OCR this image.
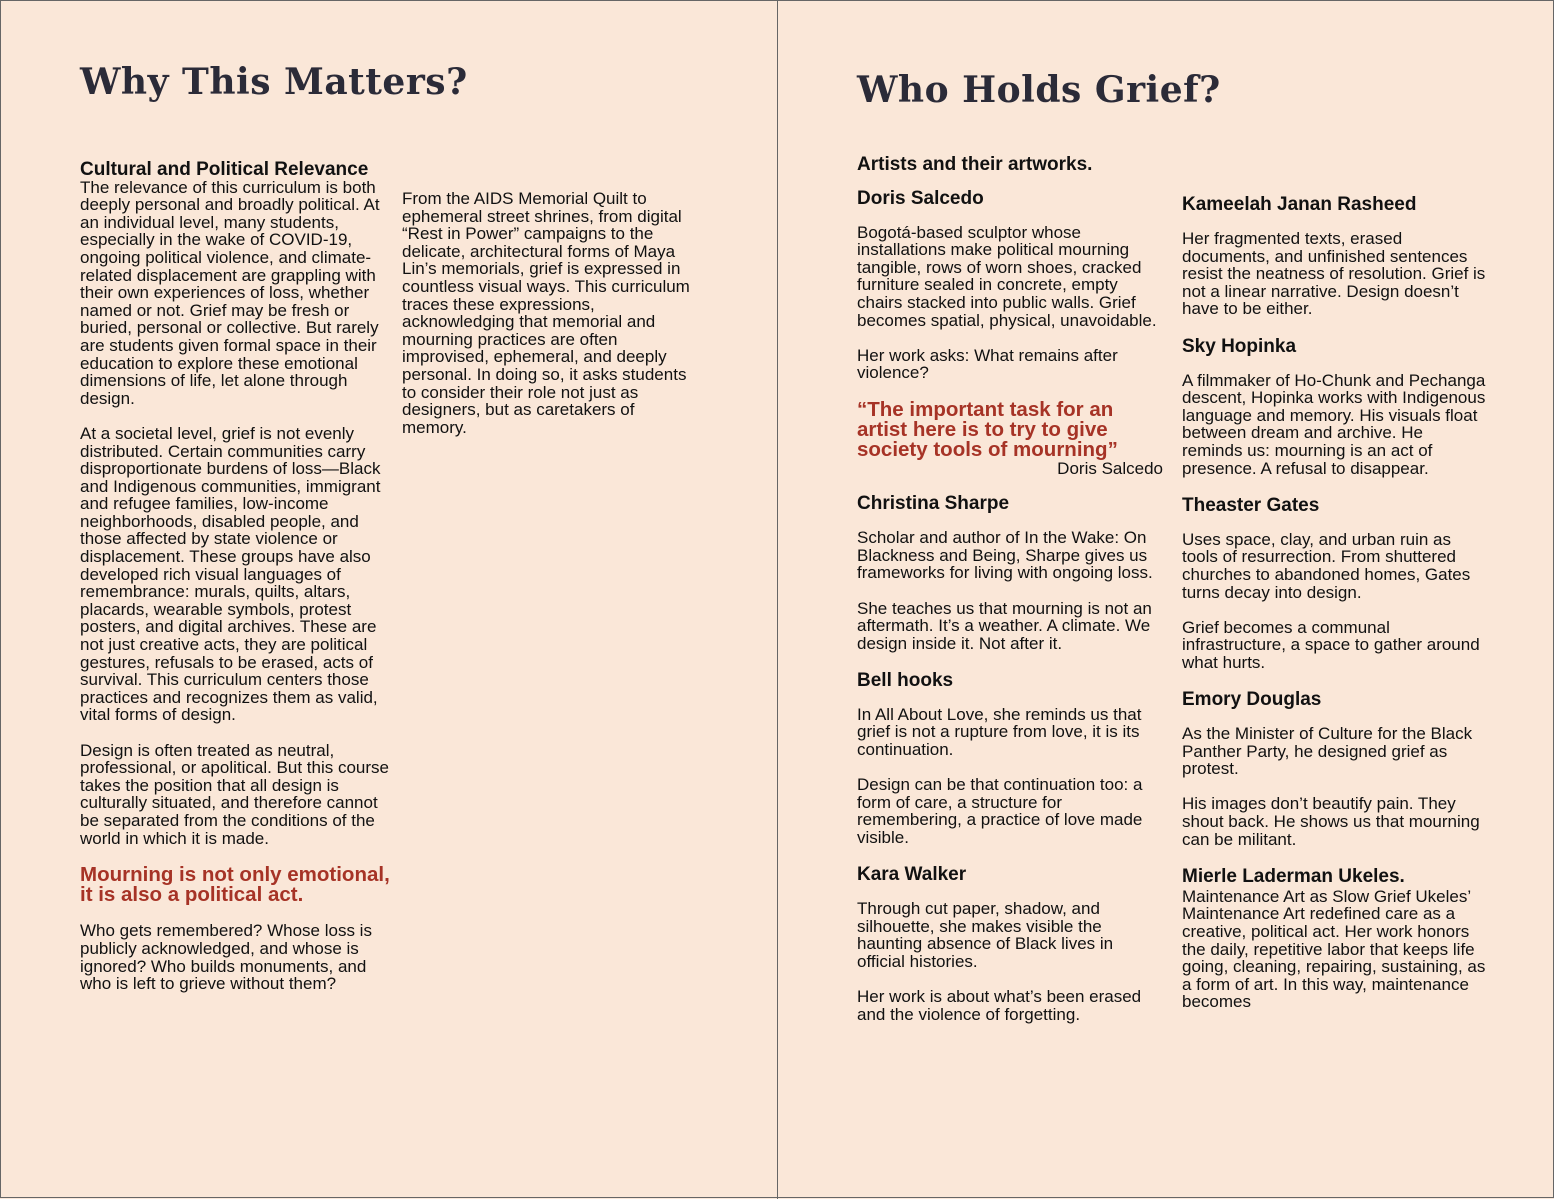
Why This Matters?
Cultural and Political Relevance

The relevance of this curriculum is both deeply personal and broadly political. At an individual level, many students, especially in the wake of COVID-19, ongoing political violence, and climate-related displacement are grappling with their own experiences of loss, whether named or not. Grief may be fresh or buried, personal or collective. But rarely are students given formal space in their education to explore these emotional dimensions of life, let alone through design.

At a societal level, grief is not evenly distributed. Certain communities carry disproportionate burdens of loss—Black and Indigenous communities, immigrant and refugee families, low-income neighborhoods, disabled people, and those affected by state violence or displacement. These groups have also developed rich visual languages of remembrance: murals, quilts, altars, placards, wearable symbols, protest posters, and digital archives. These are not just creative acts, they are political gestures, refusals to be erased, acts of survival. This curriculum centers those practices and recognizes them as valid, vital forms of design.

Design is often treated as neutral, professional, or apolitical. But this course takes the position that all design is culturally situated, and therefore cannot be separated from the conditions of the world in which it is made.

Mourning is not only emotional, it is also a political act.

Who gets remembered? Whose loss is publicly acknowledged, and whose is ignored? Who builds monuments, and who is left to grieve without them?

From the AIDS Memorial Quilt to ephemeral street shrines, from digital “Rest in Power” campaigns to the delicate, architectural forms of Maya Lin’s memorials, grief is expressed in countless visual ways. This curriculum traces these expressions, acknowledging that memorial and mourning practices are often improvised, ephemeral, and deeply personal. In doing so, it asks students to consider their role not just as designers, but as caretakers of memory.

Who Holds Grief?
Artists and their artworks.
Doris Salcedo

Bogotá-based sculptor whose installations make political mourning tangible, rows of worn shoes, cracked furniture sealed in concrete, empty chairs stacked into public walls. Grief becomes spatial, physical, unavoidable.

Her work asks: What remains after violence?

“The important task for an artist here is to try to give society tools of mourning”

Doris Salcedo

Christina Sharpe

Scholar and author of In the Wake: On Blackness and Being, Sharpe gives us frameworks for living with ongoing loss.

She teaches us that mourning is not an aftermath. It’s a weather. A climate. We design inside it. Not after it.

Bell hooks

In All About Love, she reminds us that grief is not a rupture from love, it is its continuation.

Design can be that continuation too: a form of care, a structure for remembering, a practice of love made visible.

Kara Walker

Through cut paper, shadow, and silhouette, she makes visible the haunting absence of Black lives in official histories.

Her work is about what’s been erased and the violence of forgetting.

Kameelah Janan Rasheed

Her fragmented texts, erased documents, and unfinished sentences resist the neatness of resolution. Grief is not a linear narrative. Design doesn’t have to be either.

Sky Hopinka

A filmmaker of Ho-Chunk and Pechanga descent, Hopinka works with Indigenous language and memory. His visuals float between dream and archive. He reminds us: mourning is an act of presence. A refusal to disappear.

Theaster Gates

Uses space, clay, and urban ruin as tools of resurrection. From shuttered churches to abandoned homes, Gates turns decay into design.

Grief becomes a communal infrastructure, a space to gather around what hurts.

Emory Douglas

As the Minister of Culture for the Black Panther Party, he designed grief as protest.

His images don’t beautify pain. They shout back. He shows us that mourning can be militant.

Mierle Laderman Ukeles.

Maintenance Art as Slow Grief Ukeles’ Maintenance Art redefined care as a creative, political act. Her work honors the daily, repetitive labor that keeps life going, cleaning, repairing, sustaining, as a form of art. In this way, maintenance becomes
